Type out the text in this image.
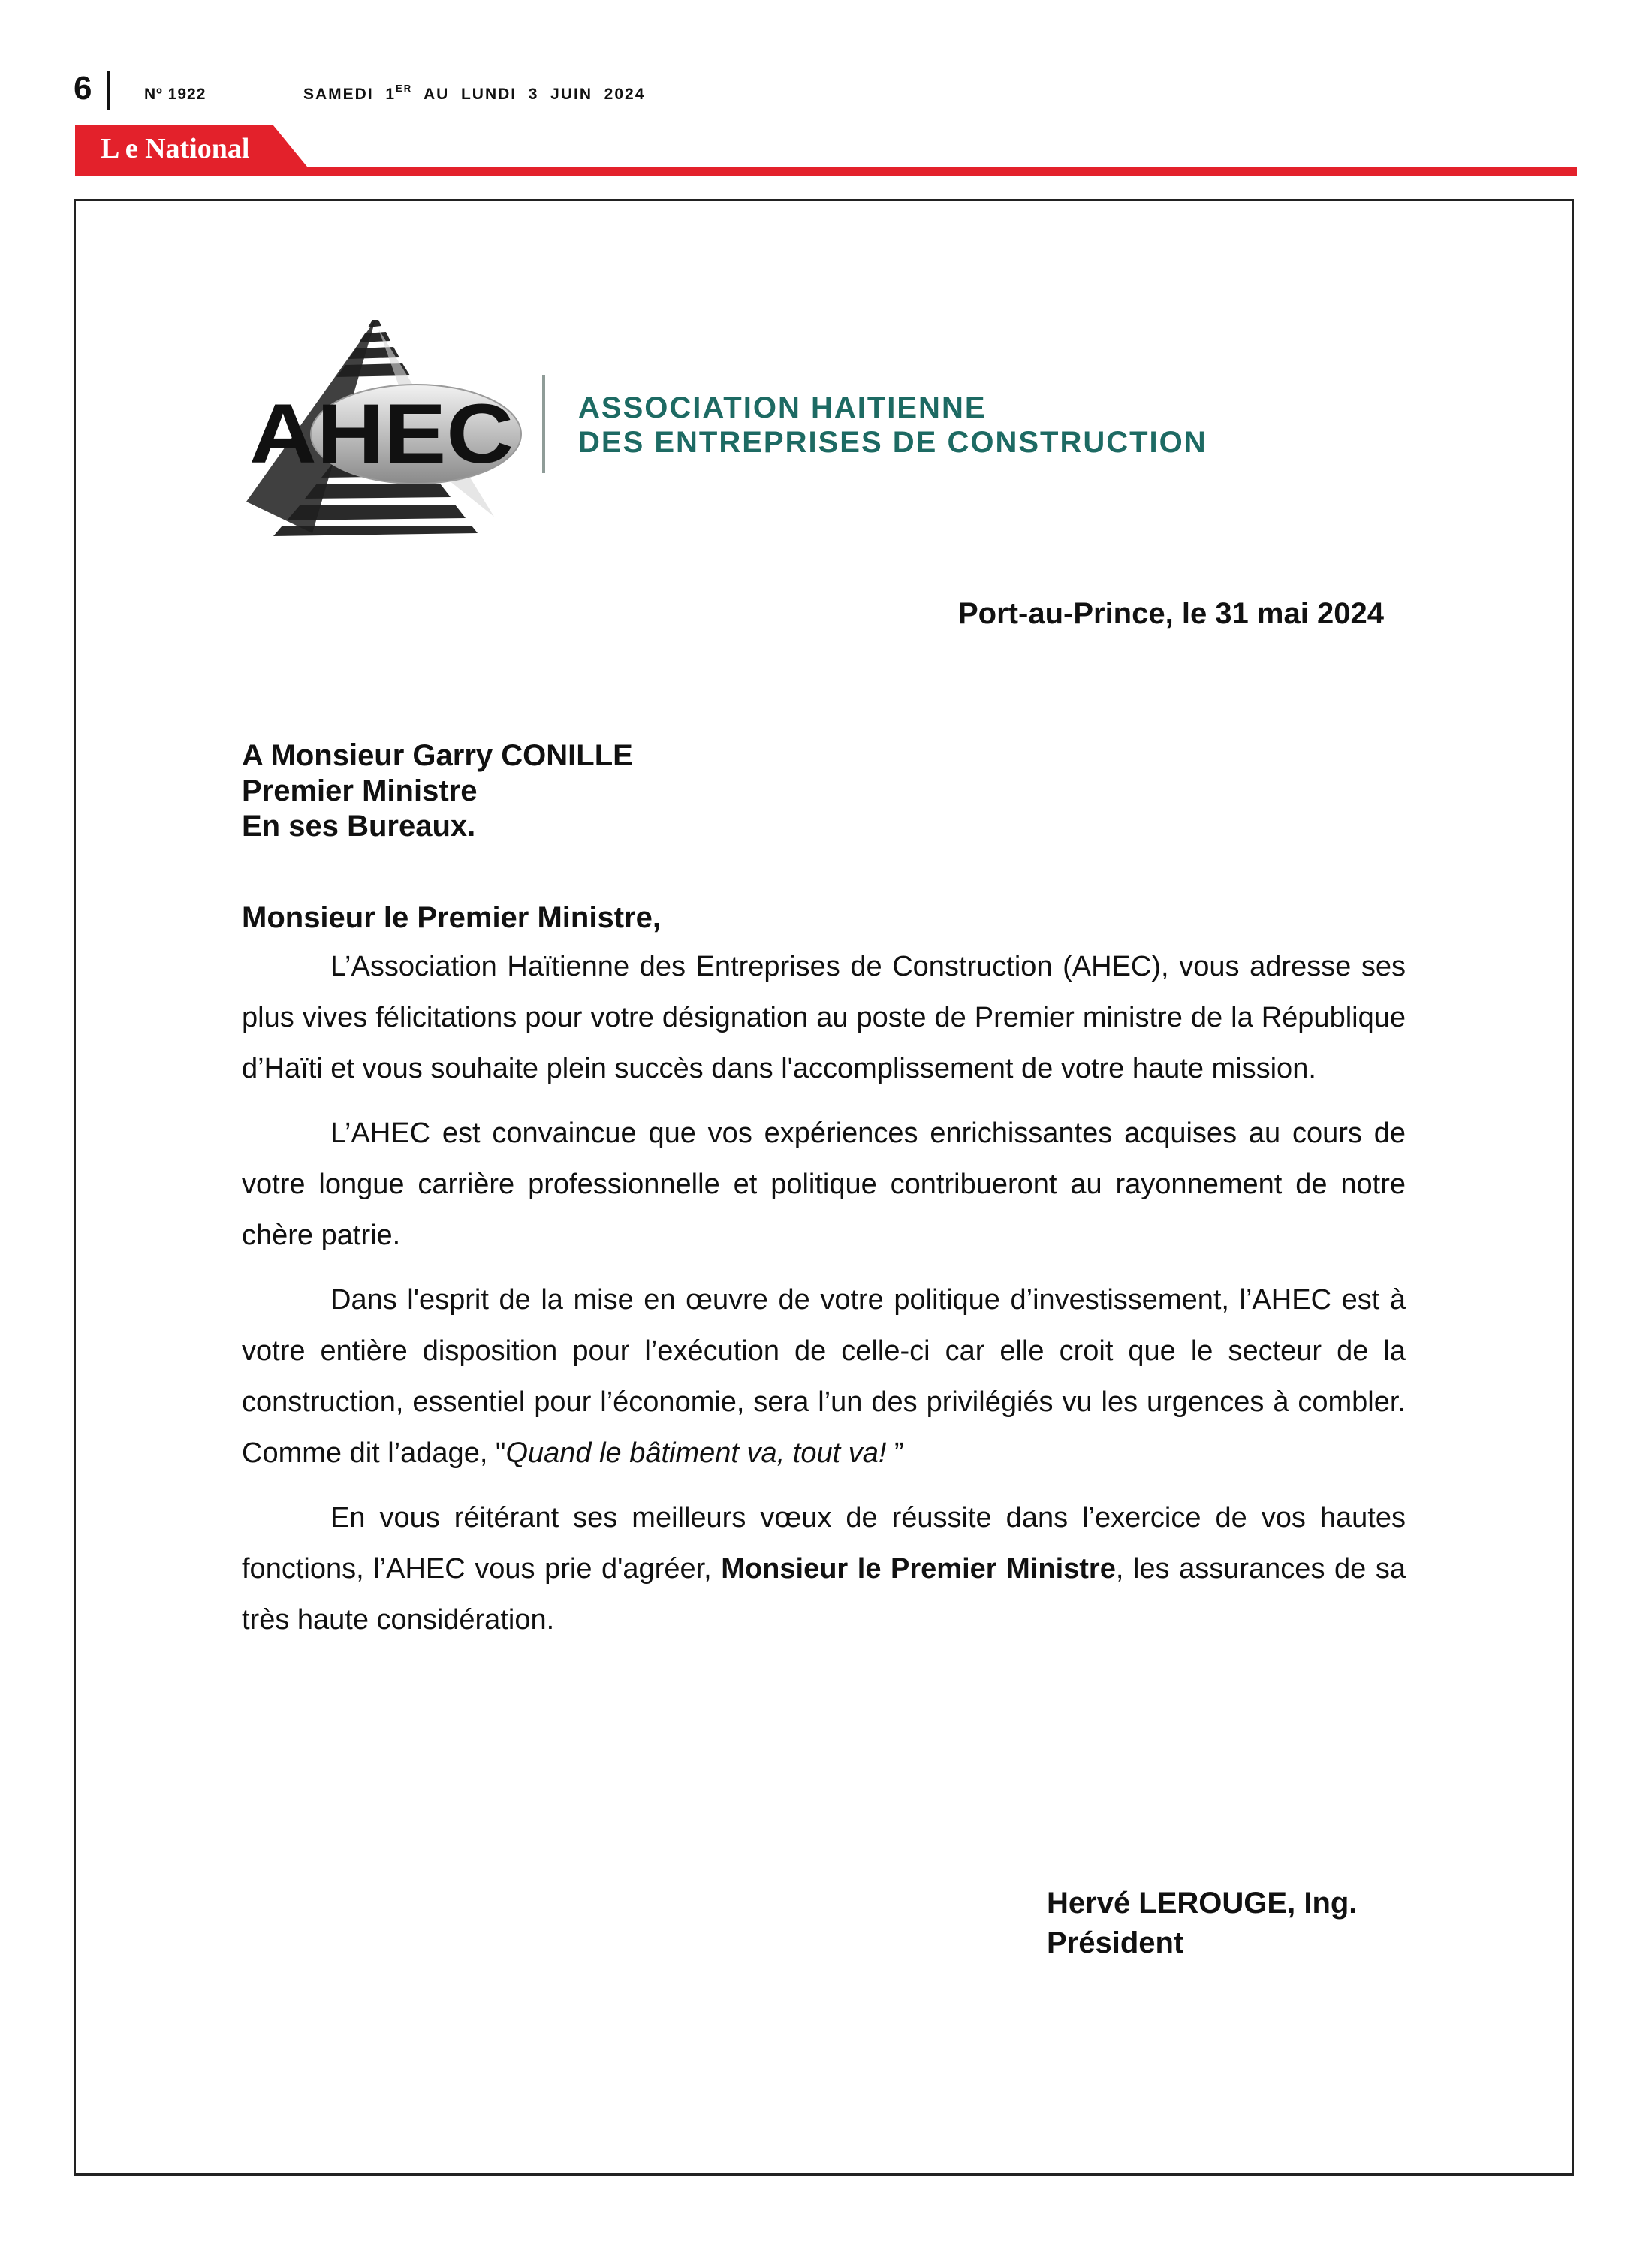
6	Nº 1922	SAMEDI  1ER  AU  LUNDI  3  JUIN  2024
L e National
AHEC ASSOCIATION HAITIENNE
DES ENTREPRISES DE CONSTRUCTION
Port-au-Prince, le 31 mai 2024
A Monsieur Garry CONILLE
Premier Ministre
En ses Bureaux.
Monsieur le Premier Ministre,

L’Association Haïtienne des Entreprises de Construction (AHEC), vous adresse ses plus vives félicitations pour votre désignation au poste de Premier ministre de la République d’Haïti et vous souhaite plein succès dans l'accomplissement de votre haute mission.

L’AHEC est convaincue que vos expériences enrichissantes acquises au cours de votre longue carrière professionnelle et politique contribueront au rayonnement de notre chère patrie.

Dans l'esprit de la mise en œuvre de votre politique d’investissement, l’AHEC est à votre entière disposition pour l’exécution de celle-ci car elle croit que le secteur de la construction, essentiel pour l’économie, sera l’un des privilégiés vu les urgences à combler. Comme dit l’adage, "Quand le bâtiment va, tout va! ”

En vous réitérant ses meilleurs vœux de réussite dans l’exercice de vos hautes fonctions, l’AHEC vous prie d'agréer, Monsieur le Premier Ministre, les assurances de sa très haute considération.

Hervé LEROUGE, Ing.
Président
